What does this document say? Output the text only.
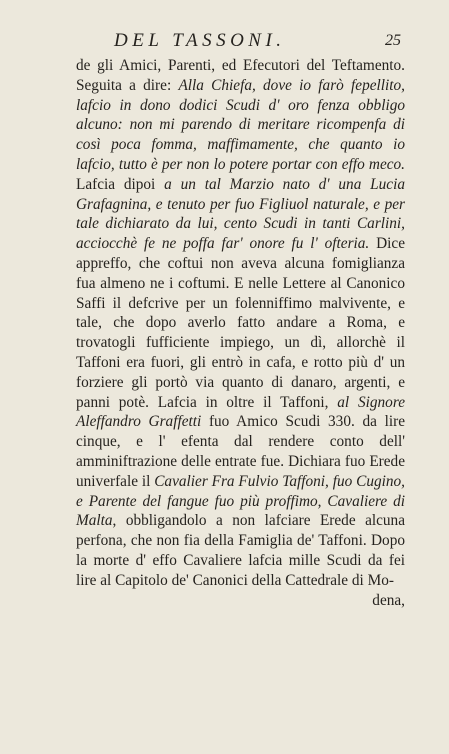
DEL TASSONI.	25
de gli Amici, Parenti, ed Efecutori del Teftamento. Seguita a dire: Alla Chiefa, dove io farò fepellito, lafcio in dono dodici Scudi d' oro fenza obbligo alcuno: non mi parendo di meritare ricompenfa di così poca fomma, maffimamente, che quanto io lafcio, tutto è per non lo potere portar con effo meco. Lafcia dipoi a un tal Marzio nato d' una Lucia Grafagnina, e tenuto per fuo Figliuol naturale, e per tale dichiarato da lui, cento Scudi in tanti Carlini, acciocchè fe ne poffa far' onore fu l' ofteria. Dice appreffo, che coftui non aveva alcuna fomiglianza fua almeno ne i coftumi. E nelle Lettere al Canonico Saffi il defcrive per un folenniffimo malvivente, e tale, che dopo averlo fatto andare a Roma, e trovatogli fufficiente impiego, un dì, allorchè il Taffoni era fuori, gli entrò in cafa, e rotto più d' un forziere gli portò via quanto di danaro, argenti, e panni potè. Lafcia in oltre il Taffoni, al Signore Aleffandro Graffetti fuo Amico Scudi 330. da lire cinque, e l' efenta dal rendere conto dell' amminiftrazione delle entrate fue. Dichiara fuo Erede univerfale il Cavalier Fra Fulvio Taffoni, fuo Cugino, e Parente del fangue fuo più proffimo, Cavaliere di Malta, obbligandolo a non lafciare Erede alcuna perfona, che non fia della Famiglia de' Taffoni. Dopo la morte d' effo Cavaliere lafcia mille Scudi da fei lire al Capitolo de' Canonici della Cattedrale di Mo-
dena,
